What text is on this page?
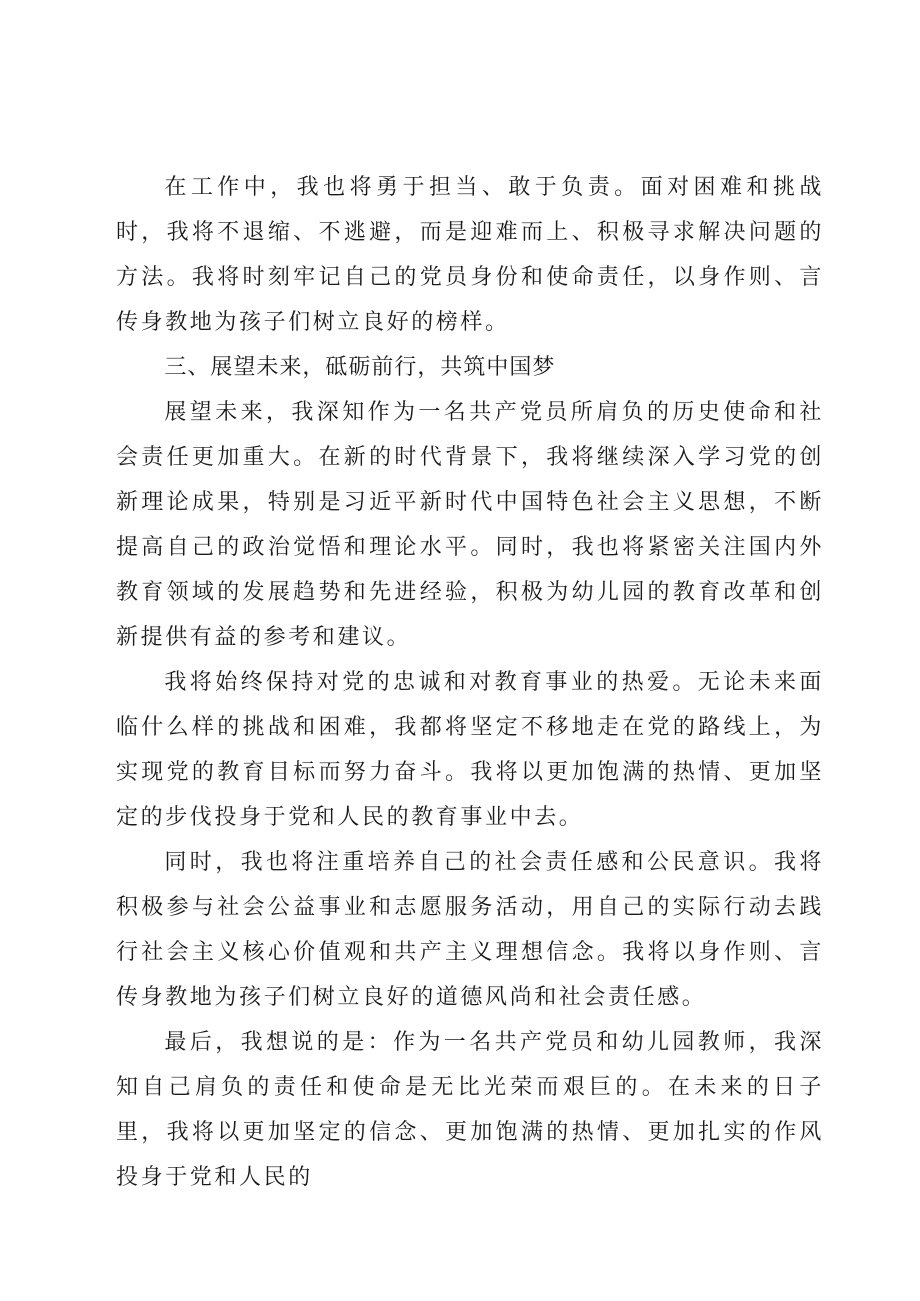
在工作中，我也将勇于担当、敢于负责。面对困难和挑战时，我将不退缩、不逃避，而是迎难而上、积极寻求解决问题的方法。我将时刻牢记自己的党员身份和使命责任，以身作则、言传身教地为孩子们树立良好的榜样。

三、展望未来，砥砺前行，共筑中国梦

展望未来，我深知作为一名共产党员所肩负的历史使命和社会责任更加重大。在新的时代背景下，我将继续深入学习党的创新理论成果，特别是习近平新时代中国特色社会主义思想，不断提高自己的政治觉悟和理论水平。同时，我也将紧密关注国内外教育领域的发展趋势和先进经验，积极为幼儿园的教育改革和创新提供有益的参考和建议。

我将始终保持对党的忠诚和对教育事业的热爱。无论未来面临什么样的挑战和困难，我都将坚定不移地走在党的路线上，为实现党的教育目标而努力奋斗。我将以更加饱满的热情、更加坚定的步伐投身于党和人民的教育事业中去。

同时，我也将注重培养自己的社会责任感和公民意识。我将积极参与社会公益事业和志愿服务活动，用自己的实际行动去践行社会主义核心价值观和共产主义理想信念。我将以身作则、言传身教地为孩子们树立良好的道德风尚和社会责任感。

最后，我想说的是：作为一名共产党员和幼儿园教师，我深知自己肩负的责任和使命是无比光荣而艰巨的。在未来的日子里，我将以更加坚定的信念、更加饱满的热情、更加扎实的作风投身于党和人民的
